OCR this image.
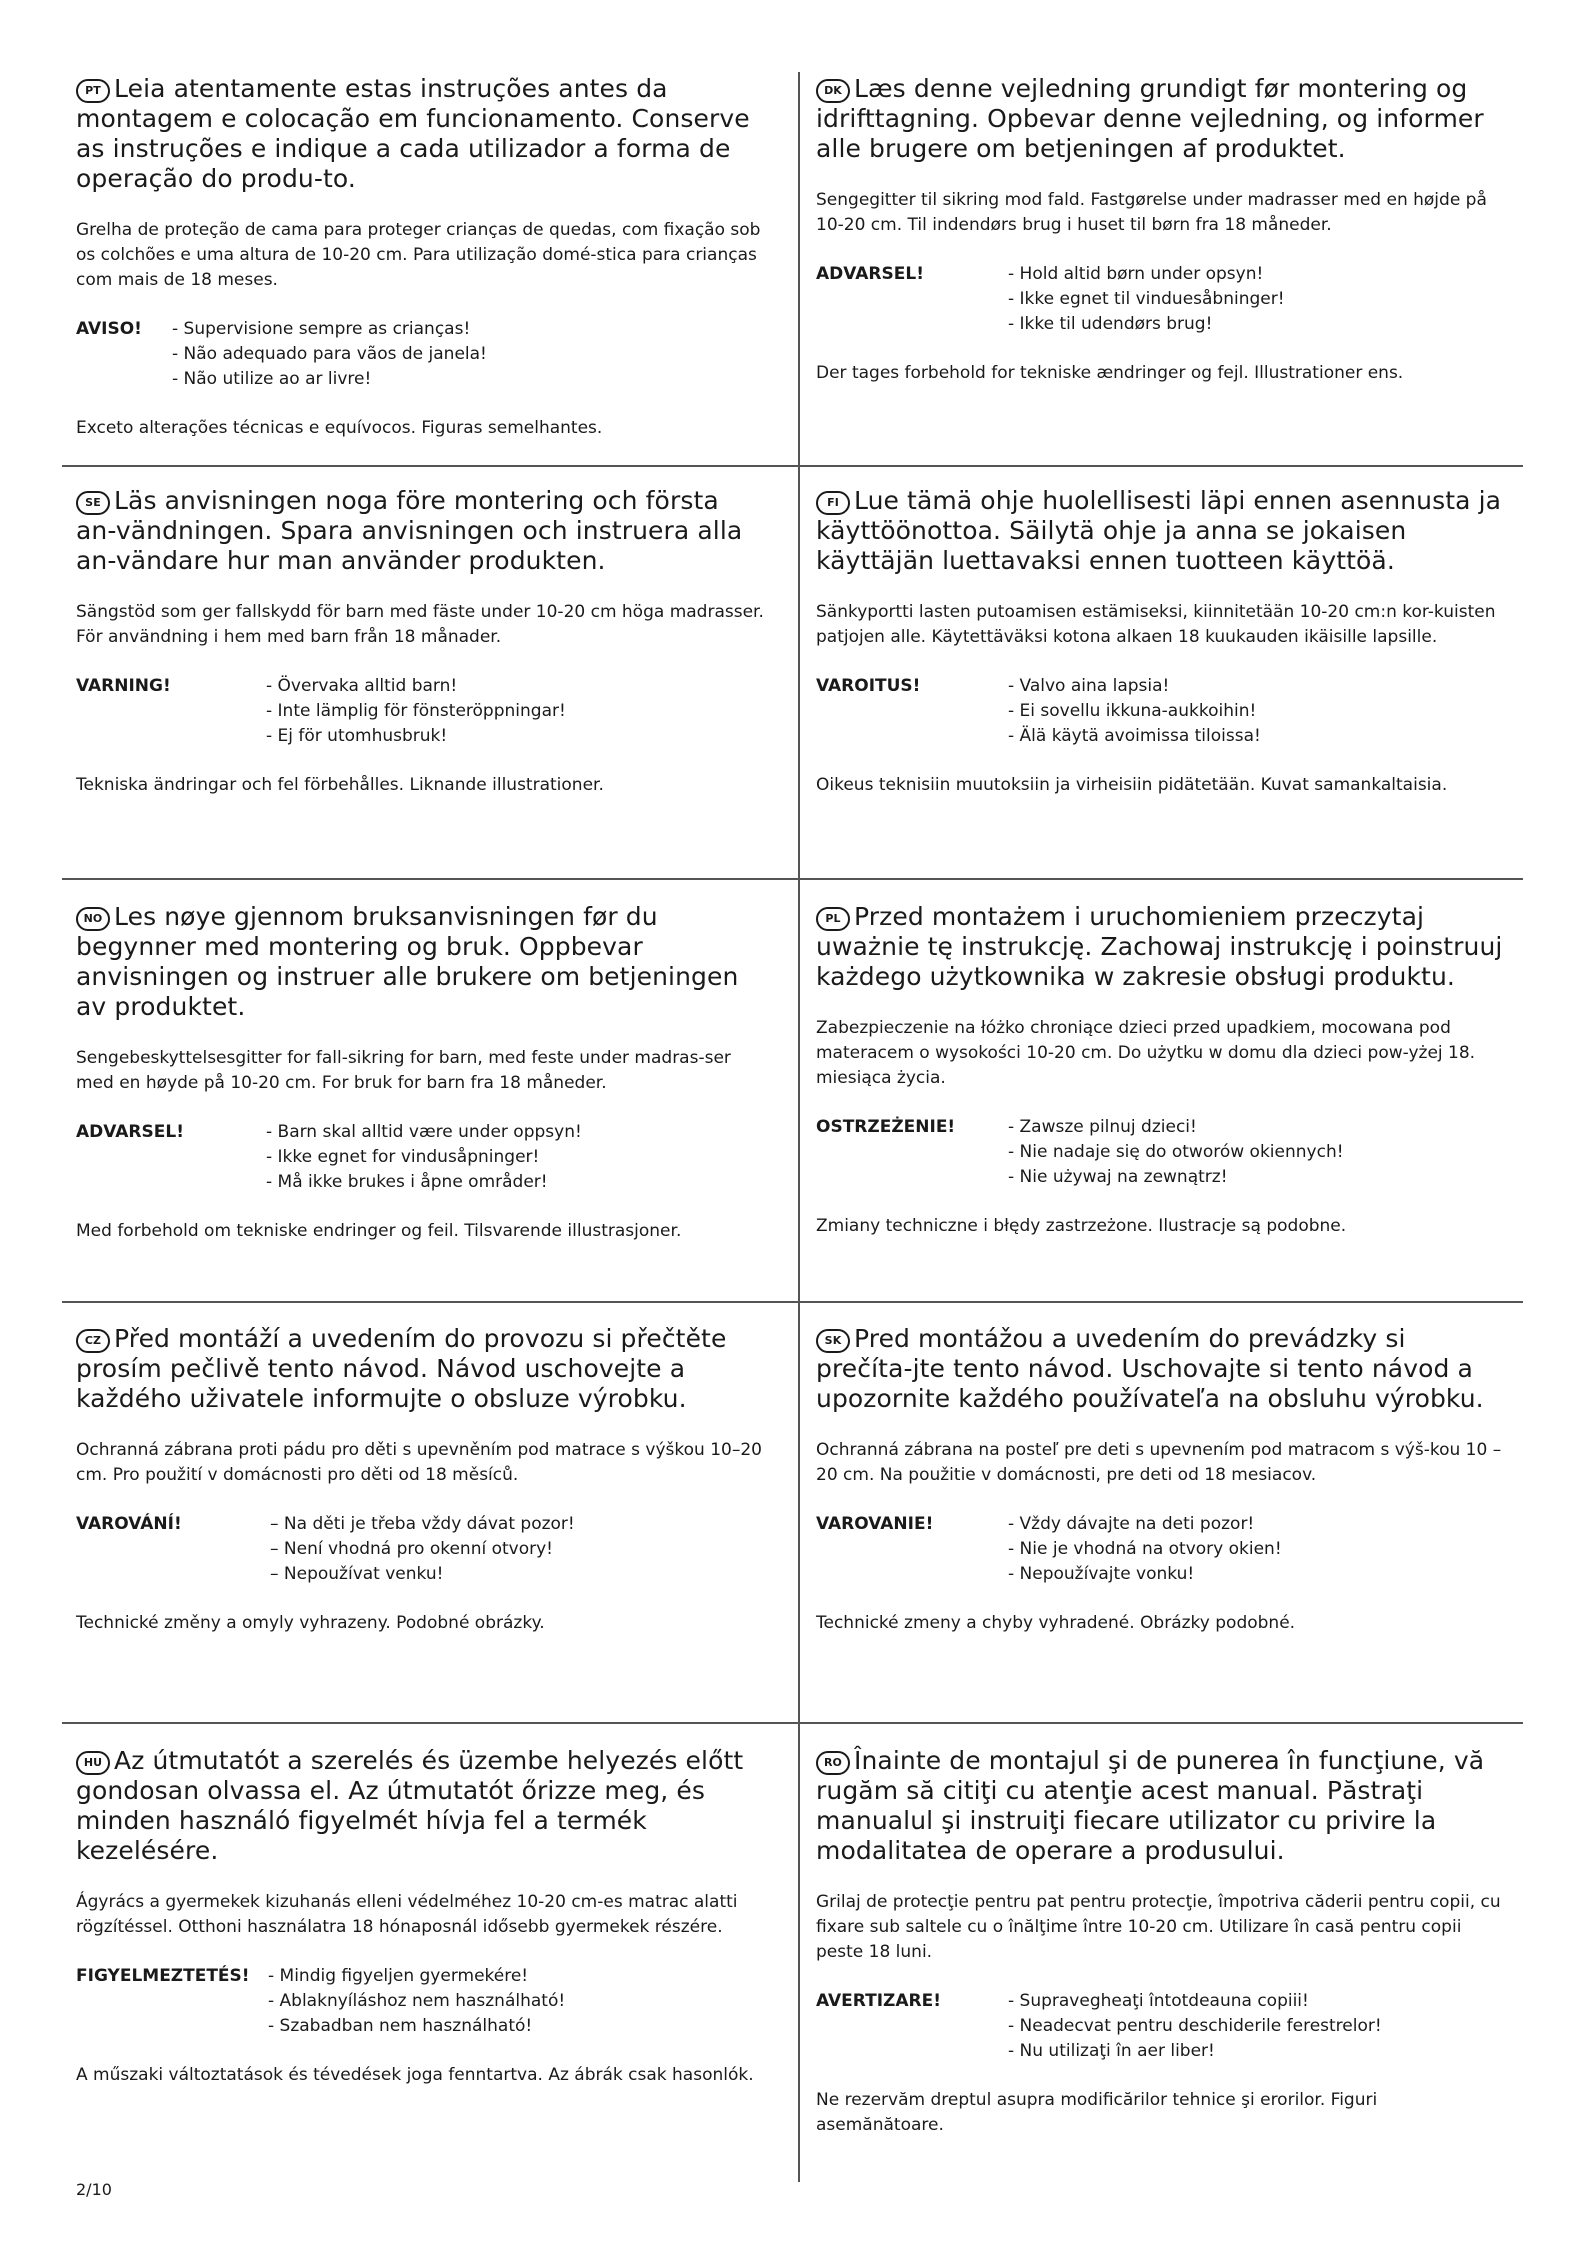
PT Leia atentamente estas instruções antes da montagem e colocação em funcionamento. Conserve as instruções e indique a cada utilizador a forma de operação do produ-to.

Grelha de proteção de cama para proteger crianças de quedas, com fixação sob os colchões e uma altura de 10-20 cm. Para utilização domé-stica para crianças com mais de 18 meses.

AVISO!	- Supervisione sempre as crianças!
- Não adequado para vãos de janela!
- Não utilize ao ar livre!

Exceto alterações técnicas e equívocos. Figuras semelhantes.

DK Læs denne vejledning grundigt før montering og idrifttagning. Opbevar denne vejledning, og informer alle brugere om betjeningen af produktet.

Sengegitter til sikring mod fald. Fastgørelse under madrasser med en højde på 10-20 cm. Til indendørs brug i huset til børn fra 18 måneder.

ADVARSEL!	- Hold altid børn under opsyn!
- Ikke egnet til vinduesåbninger!
- Ikke til udendørs brug!

Der tages forbehold for tekniske ændringer og fejl. Illustrationer ens.

SE Läs anvisningen noga före montering och första an-vändningen. Spara anvisningen och instruera alla an-vändare hur man använder produkten.

Sängstöd som ger fallskydd för barn med fäste under 10-20 cm höga madrasser. För användning i hem med barn från 18 månader.

VARNING!	- Övervaka alltid barn!
- Inte lämplig för fönsteröppningar!
- Ej för utomhusbruk!

Tekniska ändringar och fel förbehålles. Liknande illustrationer.

FI Lue tämä ohje huolellisesti läpi ennen asennusta ja käyttöönottoa. Säilytä ohje ja anna se jokaisen käyttäjän luettavaksi ennen tuotteen käyttöä.

Sänkyportti lasten putoamisen estämiseksi, kiinnitetään 10-20 cm:n kor-kuisten patjojen alle. Käytettäväksi kotona alkaen 18 kuukauden ikäisille lapsille.

VAROITUS!	- Valvo aina lapsia!
- Ei sovellu ikkuna-aukkoihin!
- Älä käytä avoimissa tiloissa!

Oikeus teknisiin muutoksiin ja virheisiin pidätetään. Kuvat samankaltaisia.

NO Les nøye gjennom bruksanvisningen før du begynner med montering og bruk. Oppbevar anvisningen og instruer alle brukere om betjeningen av produktet.

Sengebeskyttelsesgitter for fall-sikring for barn, med feste under madras-ser med en høyde på 10-20 cm. For bruk for barn fra 18 måneder.

ADVARSEL!	- Barn skal alltid være under oppsyn!
- Ikke egnet for vindusåpninger!
- Må ikke brukes i åpne områder!

Med forbehold om tekniske endringer og feil. Tilsvarende illustrasjoner.

PL Przed montażem i uruchomieniem przeczytaj uważnie tę instrukcję. Zachowaj instrukcję i poinstruuj każdego użytkownika w zakresie obsługi produktu.

Zabezpieczenie na łóżko chroniące dzieci przed upadkiem, mocowana pod materacem o wysokości 10-20 cm. Do użytku w domu dla dzieci pow-yżej 18. miesiąca życia.

OSTRZEŻENIE!	- Zawsze pilnuj dzieci!
- Nie nadaje się do otworów okiennych!
- Nie używaj na zewnątrz!

Zmiany techniczne i błędy zastrzeżone. Ilustracje są podobne.

CZ Před montáží a uvedením do provozu si přečtěte prosím pečlivě tento návod. Návod uschovejte a každého uživatele informujte o obsluze výrobku.

Ochranná zábrana proti pádu pro děti s upevněním pod matrace s výškou 10–20 cm. Pro použití v domácnosti pro děti od 18 měsíců.

VAROVÁNÍ!	– Na děti je třeba vždy dávat pozor!
– Není vhodná pro okenní otvory!
– Nepoužívat venku!

Technické změny a omyly vyhrazeny. Podobné obrázky.

SK Pred montážou a uvedením do prevádzky si prečíta-jte tento návod. Uschovajte si tento návod a upozornite každého používateľa na obsluhu výrobku.

Ochranná zábrana na posteľ pre deti s upevnením pod matracom s výš-kou 10 – 20 cm. Na použitie v domácnosti, pre deti od 18 mesiacov.

VAROVANIE!	- Vždy dávajte na deti pozor!
- Nie je vhodná na otvory okien!
- Nepoužívajte vonku!

Technické zmeny a chyby vyhradené. Obrázky podobné.

HU Az útmutatót a szerelés és üzembe helyezés előtt gondosan olvassa el. Az útmutatót őrizze meg, és minden használó figyelmét hívja fel a termék kezelésére.

Ágyrács a gyermekek kizuhanás elleni védelméhez 10-20 cm-es matrac alatti rögzítéssel. Otthoni használatra 18 hónaposnál idősebb gyermekek részére.

FIGYELMEZTETÉS!	- Mindig figyeljen gyermekére!
- Ablaknyíláshoz nem használható!
- Szabadban nem használható!

A műszaki változtatások és tévedések joga fenntartva. Az ábrák csak hasonlók.

RO Înainte de montajul şi de punerea în funcţiune, vă rugăm să citiţi cu atenţie acest manual. Păstraţi manualul şi instruiţi fiecare utilizator cu privire la modalitatea de operare a produsului.

Grilaj de protecţie pentru pat pentru protecţie, împotriva căderii pentru copii, cu fixare sub saltele cu o înălţime între 10-20 cm. Utilizare în casă pentru copii peste 18 luni.

AVERTIZARE!	- Supravegheaţi întotdeauna copiii!
- Neadecvat pentru deschiderile ferestrelor!
- Nu utilizaţi în aer liber!

Ne rezervăm dreptul asupra modificărilor tehnice şi erorilor. Figuri asemănătoare.

2/10
